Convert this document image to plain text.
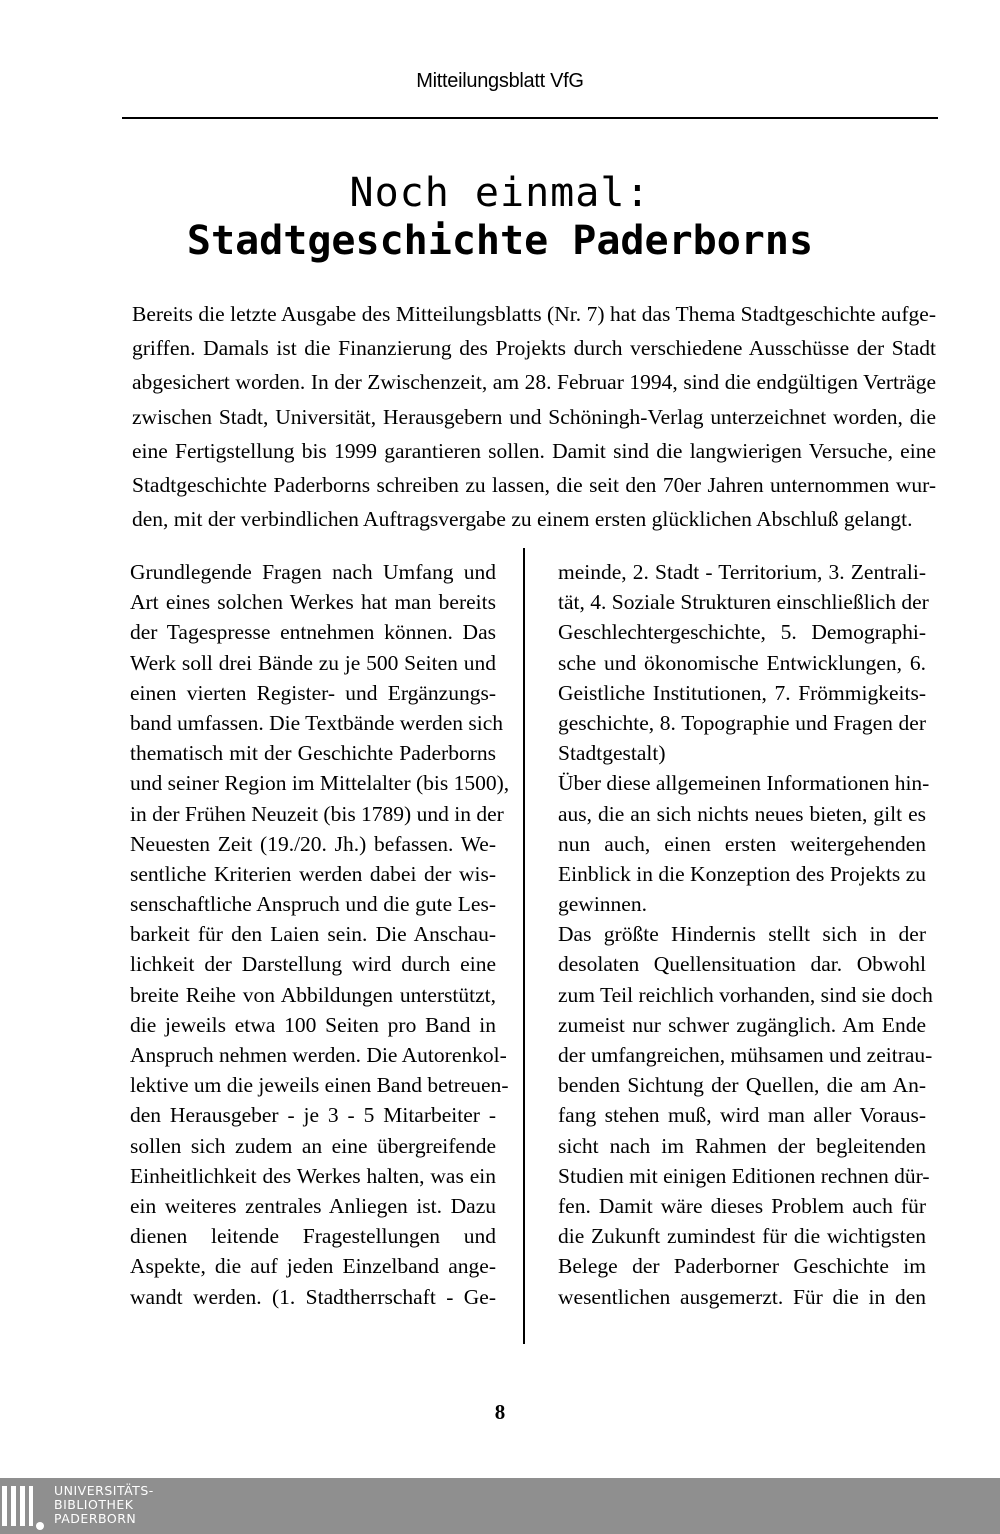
Mitteilungsblatt VfG
Noch einmal:
Stadtgeschichte Paderborns
Bereits die letzte Ausgabe des Mitteilungsblatts (Nr. 7) hat das Thema Stadtgeschichte aufge-
griffen. Damals ist die Finanzierung des Projekts durch verschiedene Ausschüsse der Stadt
abgesichert worden. In der Zwischenzeit, am 28. Februar 1994, sind die endgültigen Verträge
zwischen Stadt, Universität, Herausgebern und Schöningh-Verlag unterzeichnet worden, die
eine Fertigstellung bis 1999 garantieren sollen. Damit sind die langwierigen Versuche, eine
Stadtgeschichte Paderborns schreiben zu lassen, die seit den 70er Jahren unternommen wur-
den, mit der verbindlichen Auftragsvergabe zu einem ersten glücklichen Abschluß gelangt.
Grundlegende Fragen nach Umfang und
Art eines solchen Werkes hat man bereits
der Tagespresse entnehmen können. Das
Werk soll drei Bände zu je 500 Seiten und
einen vierten Register- und Ergänzungs-
band umfassen. Die Textbände werden sich
thematisch mit der Geschichte Paderborns
und seiner Region im Mittelalter (bis 1500),
in der Frühen Neuzeit (bis 1789) und in der
Neuesten Zeit (19./20. Jh.) befassen. We-
sentliche Kriterien werden dabei der wis-
senschaftliche Anspruch und die gute Les-
barkeit für den Laien sein. Die Anschau-
lichkeit der Darstellung wird durch eine
breite Reihe von Abbildungen unterstützt,
die jeweils etwa 100 Seiten pro Band in
Anspruch nehmen werden. Die Autorenkol-
lektive um die jeweils einen Band betreuen-
den Herausgeber - je 3 - 5 Mitarbeiter -
sollen sich zudem an eine übergreifende
Einheitlichkeit des Werkes halten, was ein
ein weiteres zentrales Anliegen ist. Dazu
dienen leitende Fragestellungen und
Aspekte, die auf jeden Einzelband ange-
wandt werden. (1. Stadtherrschaft - Ge-
meinde, 2. Stadt - Territorium, 3. Zentrali-
tät, 4. Soziale Strukturen einschließlich der
Geschlechtergeschichte, 5. Demographi-
sche und ökonomische Entwicklungen, 6.
Geistliche Institutionen, 7. Frömmigkeits-
geschichte, 8. Topographie und Fragen der
Stadtgestalt)
Über diese allgemeinen Informationen hin-
aus, die an sich nichts neues bieten, gilt es
nun auch, einen ersten weitergehenden
Einblick in die Konzeption des Projekts zu
gewinnen.
Das größte Hindernis stellt sich in der
desolaten Quellensituation dar. Obwohl
zum Teil reichlich vorhanden, sind sie doch
zumeist nur schwer zugänglich. Am Ende
der umfangreichen, mühsamen und zeitrau-
benden Sichtung der Quellen, die am An-
fang stehen muß, wird man aller Voraus-
sicht nach im Rahmen der begleitenden
Studien mit einigen Editionen rechnen dür-
fen. Damit wäre dieses Problem auch für
die Zukunft zumindest für die wichtigsten
Belege der Paderborner Geschichte im
wesentlichen ausgemerzt. Für die in den
8
UNIVERSITÄTS-
BIBLIOTHEK
PADERBORN
